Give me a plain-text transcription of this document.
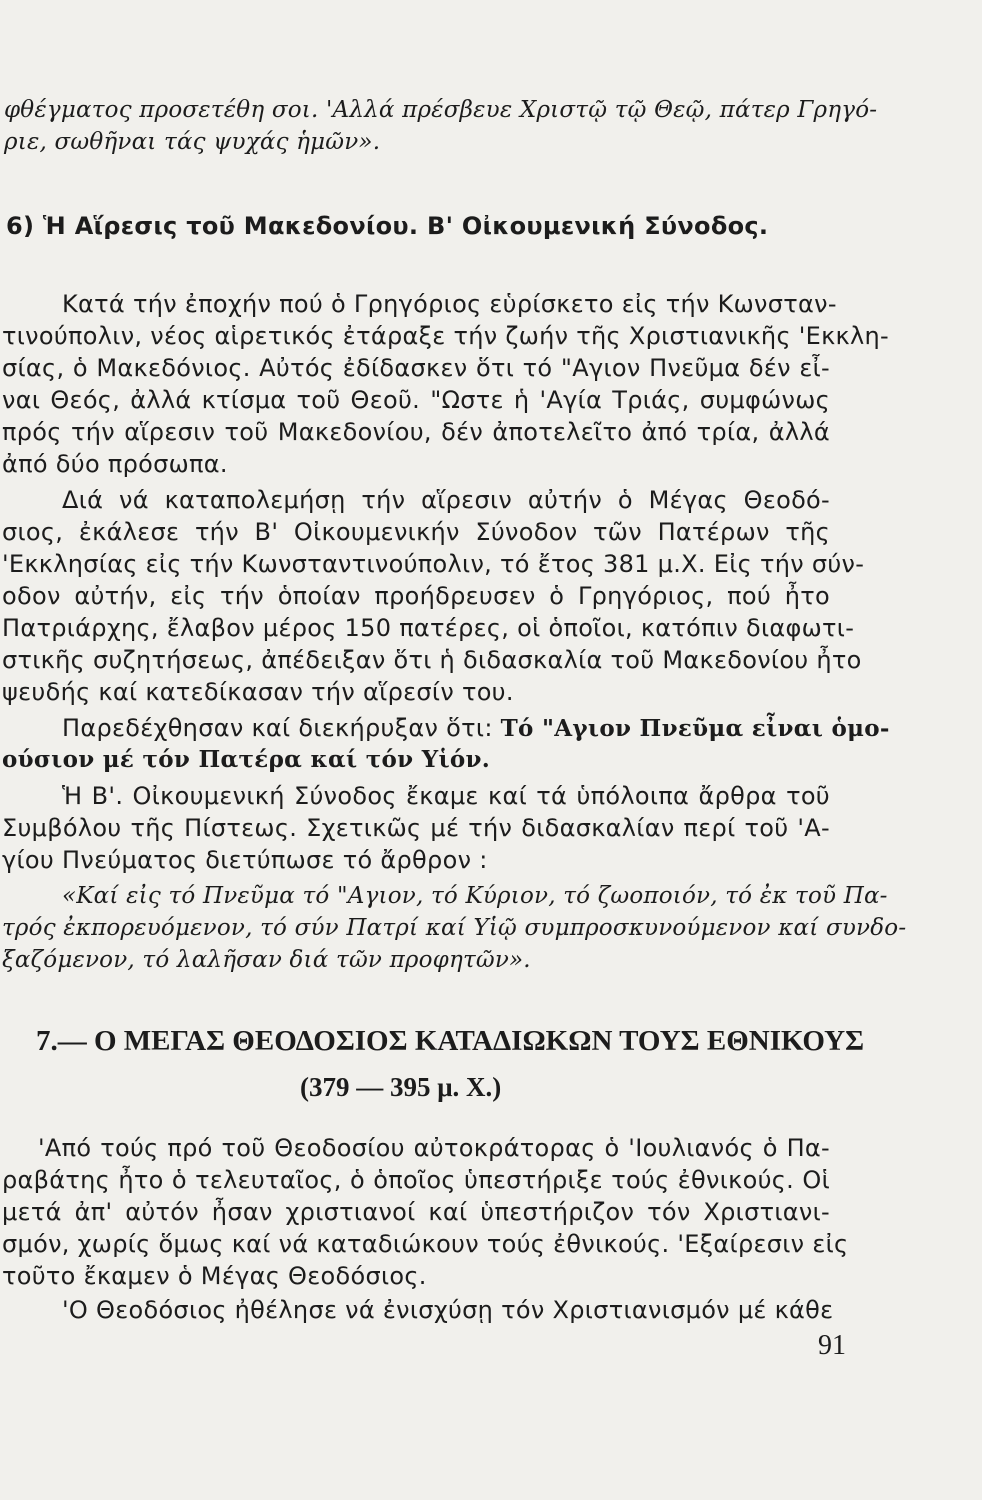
φθέγματος προσετέθη σοι. 'Αλλά πρέσβευε Χριστῷ τῷ Θεῷ, πάτερ Γρηγό-
ριε, σωθῆναι τάς ψυχάς ἡμῶν».
6) Ἡ Αἵρεσις τοῦ Μακεδονίου. Β' Οἰκουμενική Σύνοδος.
Κατά τήν ἐποχήν πού ὁ Γρηγόριος εὑρίσκετο εἰς τήν Κωνσταν-
τινούπολιν, νέος αἱρετικός ἐτάραξε τήν ζωήν τῆς Χριστιανικῆς 'Εκκλη-
σίας, ὁ Μακεδόνιος. Αὐτός ἐδίδασκεν ὅτι τό "Αγιον Πνεῦμα δέν εἶ-
ναι Θεός, ἀλλά κτίσμα τοῦ Θεοῦ. "Ωστε ἡ 'Αγία Τριάς, συμφώνως
πρός τήν αἵρεσιν τοῦ Μακεδονίου, δέν ἀποτελεῖτο ἀπό τρία, ἀλλά
ἀπό δύο πρόσωπα.
Διά νά καταπολεμήσῃ τήν αἵρεσιν αὐτήν ὁ Μέγας Θεοδό-
σιος, ἐκάλεσε τήν Β' Οἰκουμενικήν Σύνοδον τῶν Πατέρων τῆς
'Εκκλησίας εἰς τήν Κωνσταντινούπολιν, τό ἔτος 381 μ.Χ. Εἰς τήν σύν-
οδον αὐτήν, εἰς τήν ὁποίαν προήδρευσεν ὁ Γρηγόριος, πού ἦτο
Πατριάρχης, ἔλαβον μέρος 150 πατέρες, οἱ ὁποῖοι, κατόπιν διαφωτι-
στικῆς συζητήσεως, ἀπέδειξαν ὅτι ἡ διδασκαλία τοῦ Μακεδονίου ἦτο
ψευδής καί κατεδίκασαν τήν αἵρεσίν του.
Παρεδέχθησαν καί διεκήρυξαν ὅτι: Τό "Αγιον Πνεῦμα εἶναι ὁμο-
ούσιον μέ τόν Πατέρα καί τόν Υἱόν.
Ἡ Β'. Οἰκουμενική Σύνοδος ἔκαμε καί τά ὑπόλοιπα ἄρθρα τοῦ
Συμβόλου τῆς Πίστεως. Σχετικῶς μέ τήν διδασκαλίαν περί τοῦ 'Α-
γίου Πνεύματος διετύπωσε τό ἄρθρον :
«Καί εἰς τό Πνεῦμα τό "Αγιον, τό Κύριον, τό ζωοποιόν, τό ἐκ τοῦ Πα-
τρός ἐκπορευόμενον, τό σύν Πατρί καί Υἱῷ συμπροσκυνούμενον καί συνδο-
ξαζόμενον, τό λαλῆσαν διά τῶν προφητῶν».
7.— Ο ΜΕΓΑΣ ΘΕΟΔΟΣΙΟΣ ΚΑΤΑΔΙΩΚΩΝ ΤΟΥΣ ΕΘΝΙΚΟΥΣ
(379 — 395 μ. Χ.)
'Από τούς πρό τοῦ Θεοδοσίου αὐτοκράτορας ὁ 'Ιουλιανός ὁ Πα-
ραβάτης ἦτο ὁ τελευταῖος, ὁ ὁποῖος ὑπεστήριξε τούς ἐθνικούς. Οἱ
μετά ἀπ' αὐτόν ἦσαν χριστιανοί καί ὑπεστήριζον τόν Χριστιανι-
σμόν, χωρίς ὅμως καί νά καταδιώκουν τούς ἐθνικούς. 'Εξαίρεσιν εἰς
τοῦτο ἔκαμεν ὁ Μέγας Θεοδόσιος.
'Ο Θεοδόσιος ἠθέλησε νά ἐνισχύσῃ τόν Χριστιανισμόν μέ κάθε
91
